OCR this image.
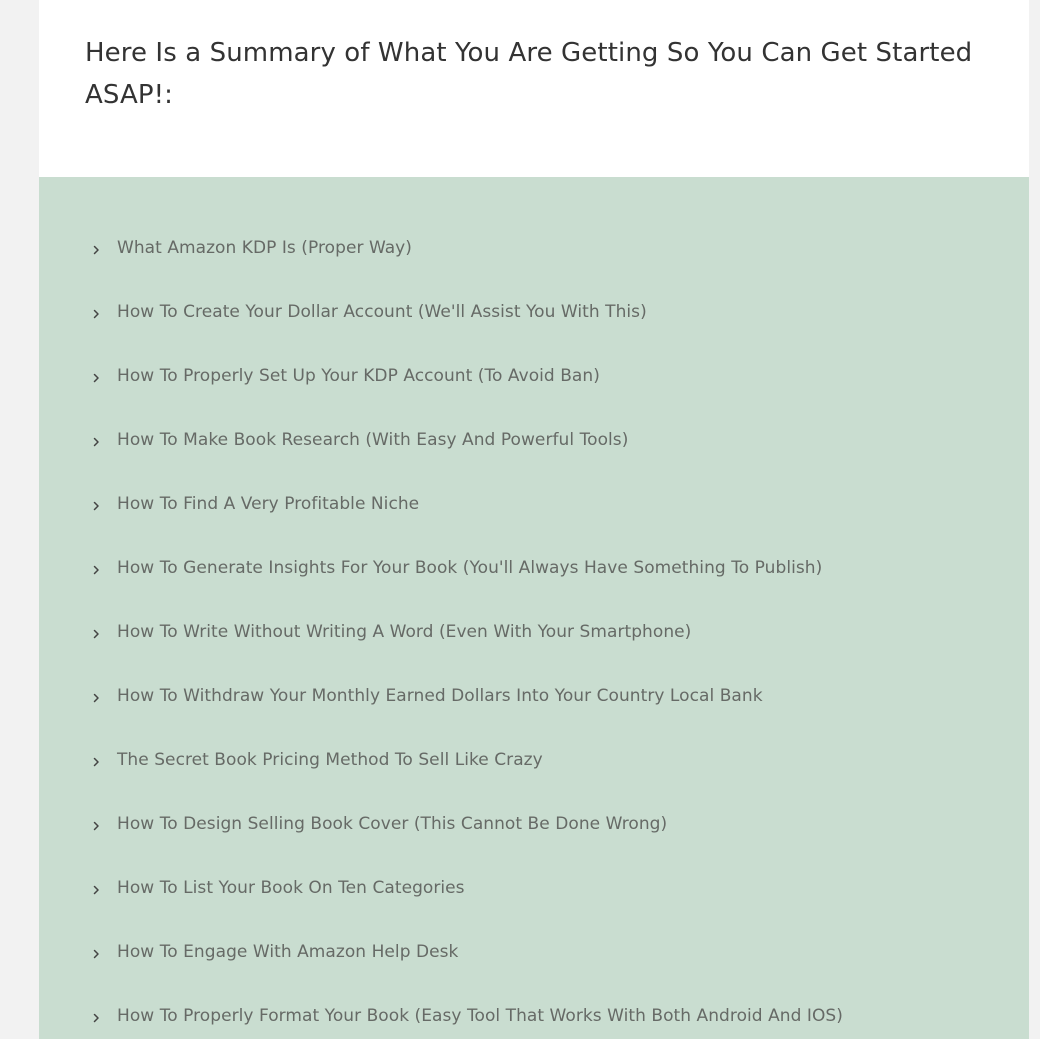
Here Is a Summary of What You Are Getting So You Can Get Started ASAP!:
What Amazon KDP Is (Proper Way)
How To Create Your Dollar Account (We'll Assist You With This)
How To Properly Set Up Your KDP Account (To Avoid Ban)
How To Make Book Research (With Easy And Powerful Tools)
How To Find A Very Profitable Niche
How To Generate Insights For Your Book (You'll Always Have Something To Publish)
How To Write Without Writing A Word (Even With Your Smartphone)
How To Withdraw Your Monthly Earned Dollars Into Your Country Local Bank
The Secret Book Pricing Method To Sell Like Crazy
How To Design Selling Book Cover (This Cannot Be Done Wrong)
How To List Your Book On Ten Categories
How To Engage With Amazon Help Desk
How To Properly Format Your Book (Easy Tool That Works With Both Android And IOS)
